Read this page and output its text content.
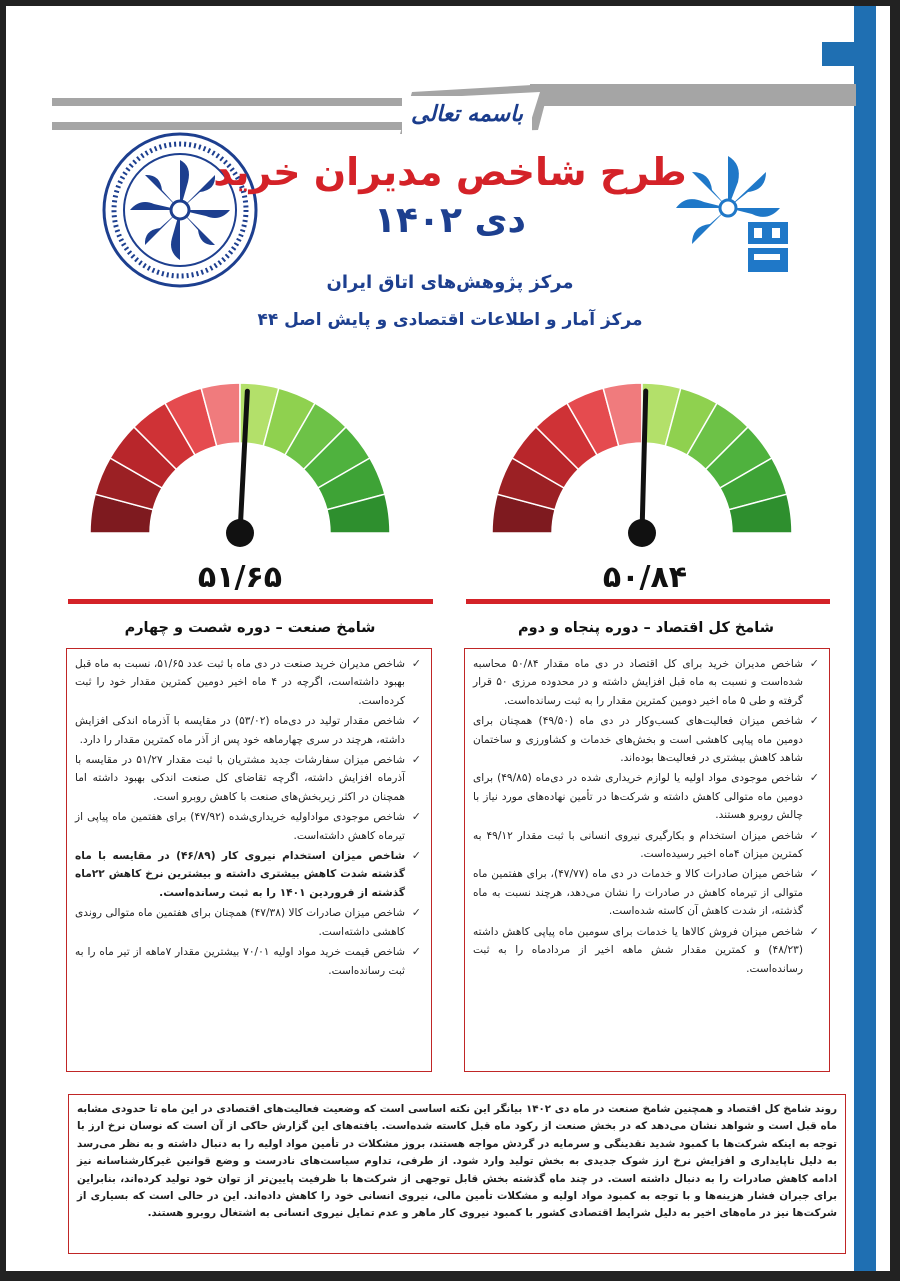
باسمه تعالی
طرح شاخص مدیران خرید
دی ۱۴۰۲
مرکز پژوهش‌های اتاق ایران
مرکز آمار و اطلاعات اقتصادی و پایش اصل ۴۴
۵۱/۶۵	۵۰/۸۴
شامخ صنعت – دوره شصت و چهارم	شامخ کل اقتصاد – دوره پنجاه و دوم
✓
شاخص مدیران خرید صنعت در دی ماه با ثبت عدد ۵۱/۶۵، نسبت به ماه قبل بهبود داشته‌است، اگرچه در ۴ ماه اخیر دومین کمترین مقدار خود را ثبت کرده‌است.
✓
شاخص مقدار تولید در دی‌ماه (۵۳/۰۲) در مقایسه با آذرماه اندکی افزایش داشته، هرچند در سری چهارماهه خود پس از آذر ماه کمترین مقدار را دارد.
✓
شاخص میزان سفارشات جدید مشتریان با ثبت مقدار ۵۱/۲۷ در مقایسه با آذرماه افزایش داشته، اگرچه تقاضای کل صنعت اندکی بهبود داشته اما همچنان در اکثر زیربخش‌های صنعت با کاهش روبرو است.
✓
شاخص موجودی مواداولیه خریداری‌شده (۴۷/۹۲) برای هفتمین ماه پیاپی از تیرماه کاهش داشته‌است.
✓
شاخص میزان استخدام نیروی کار (۴۶/۸۹) در مقایسه با ماه گذشته شدت کاهش بیشتری داشته و بیشترین نرخ کاهش ۲۲ماه گذشته از فروردین ۱۴۰۱ را به ثبت رسانده‌است.
✓
شاخص میزان صادرات کالا (۴۷/۳۸) همچنان برای هفتمین ماه متوالی روندی کاهشی داشته‌است.
✓
شاخص قیمت خرید مواد اولیه ۷۰/۰۱ بیشترین مقدار ۷ماهه از تیر ماه را به ثبت رسانده‌است.
✓
شاخص مدیران خرید برای کل اقتصاد در دی ماه مقدار ۵۰/۸۴ محاسبه شده‌است و نسبت به ماه قبل افزایش داشته و در محدوده مرزی ۵۰ قرار گرفته و طی ۵ ماه اخیر دومین کمترین مقدار را به ثبت رسانده‌است.
✓
شاخص میزان فعالیت‌های کسب‌وکار در دی ماه (۴۹/۵۰) همچنان برای دومین ماه پیاپی کاهشی است و بخش‌های خدمات و کشاورزی و ساختمان شاهد کاهش بیشتری در فعالیت‌ها بوده‌اند.
✓
شاخص موجودی مواد اولیه یا لوازم خریداری شده در دی‌ماه (۴۹/۸۵) برای دومین ماه متوالی کاهش داشته و شرکت‌ها در تأمین نهاده‌های مورد نیاز با چالش روبرو هستند.
✓
شاخص میزان استخدام و بکارگیری نیروی انسانی با ثبت مقدار ۴۹/۱۲ به کمترین میزان ۴ماه اخیر رسیده‌است.
✓
شاخص میزان صادرات کالا و خدمات در دی ماه (۴۷/۷۷)، برای هفتمین ماه متوالی از تیرماه کاهش در صادرات را نشان می‌دهد، هرچند نسبت به ماه گذشته، از شدت کاهش آن کاسته شده‌است.
✓
شاخص میزان فروش کالاها یا خدمات برای سومین ماه پیاپی کاهش داشته (۴۸/۲۳) و کمترین مقدار شش ماهه اخیر از مردادماه را به ثبت رسانده‌است.

روند شامخ کل اقتصاد و همچنین شامخ صنعت در ماه دی ۱۴۰۲ بیانگر این نکته اساسی است که وضعیت فعالیت‌های اقتصادی در این ماه تا حدودی مشابه ماه قبل است و شواهد نشان می‌دهد که در بخش صنعت از رکود ماه قبل کاسته شده‌است. یافته‌های این گزارش حاکی از آن است که نوسان نرخ ارز با توجه به اینکه شرکت‌ها با کمبود شدید نقدینگی و سرمایه در گردش مواجه هستند، بروز مشکلات در تأمین مواد اولیه را به دنبال داشته و به نظر می‌رسد به دلیل ناپایداری و افزایش نرخ ارز شوک جدیدی به بخش تولید وارد شود. از طرفی، تداوم سیاست‌های نادرست و وضع قوانین غیرکارشناسانه نیز ادامه کاهش صادرات را به دنبال داشته است. در چند ماه گذشته بخش قابل توجهی از شرکت‌ها با ظرفیت پایین‌تر از توان خود تولید کرده‌اند، بنابراین برای جبران فشار هزینه‌ها و با توجه به کمبود مواد اولیه و مشکلات تأمین مالی، نیروی انسانی خود را کاهش داده‌اند. این در حالی است که بسیاری از شرکت‌ها نیز در ماه‌های اخیر به دلیل شرایط اقتصادی کشور با کمبود نیروی کار ماهر و عدم تمایل نیروی انسانی به اشتغال روبرو هستند.
